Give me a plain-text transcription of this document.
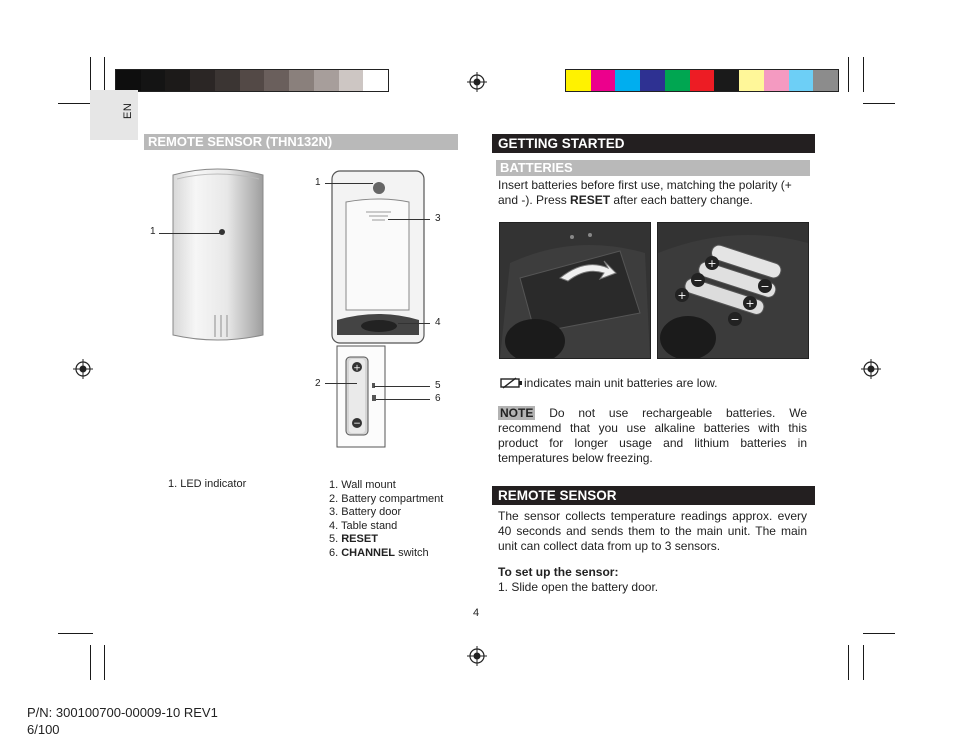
EN
REMOTE SENSOR (THN132N)
1
1
3
4
+
−
2	5
6
1. LED indicator	1. Wall mount
2. Battery compartment
3. Battery door
4. Table stand
5. RESET
6. CHANNEL switch
GETTING STARTED
BATTERIES
Insert batteries before first use, matching the polarity (+ and -). Press RESET after each battery change.
+
−
−
+
+
−
indicates main unit batteries are low.
NOTE Do not use rechargeable batteries. We recommend that you use alkaline batteries with this product for longer usage and lithium batteries in temperatures below freezing.
REMOTE SENSOR
The sensor collects temperature readings approx. every 40 seconds and sends them to the main unit. The main unit can collect data from up to 3 sensors.
To set up the sensor:
1. Slide open the battery door.
4
P/N: 300100700-00009-10 REV1
6/100
